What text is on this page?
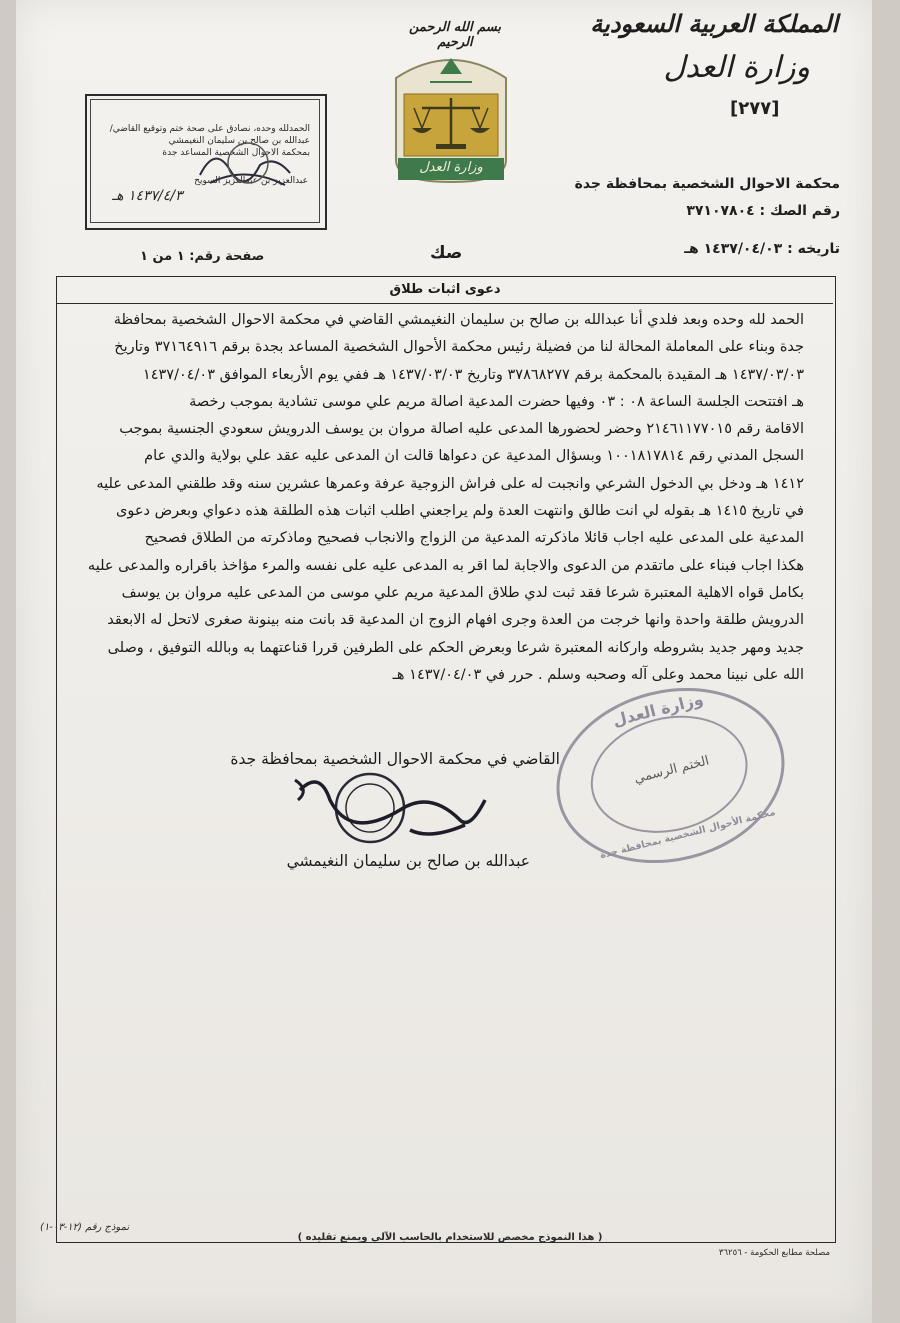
المملكة العربية السعودية
وزارة العدل
[٢٧٧]
بسم الله الرحمن الرحيم
وزارة العدل
الحمدلله وحده، نصادق على صحة ختم وتوقيع القاضي/
عبدالله بن صالح بن سليمان النغيمشي
بمحكمة الاحوال الشخصية المساعد جدة
عبدالعزيز بن عبدالعزيز السويح
١٤٣٧/٤/٣ هـ
محكمة الاحوال الشخصية بمحافظة جدة
رقم الصك : ٣٧١٠٧٨٠٤
تاريخه : ١٤٣٧/٠٤/٠٣ هـ
صك
صفحة رقم: ١ من ١
دعوى اثبات طلاق

الحمد لله وحده وبعد فلدي أنا عبدالله بن صالح بن سليمان النغيمشي القاضي في محكمة الاحوال الشخصية بمحافظة

جدة وبناء على المعاملة المحالة لنا من فضيلة رئيس محكمة الأحوال الشخصية المساعد بجدة برقم ٣٧١٦٤٩١٦ وتاريخ

١٤٣٧/٠٣/٠٣ هـ المقيدة بالمحكمة برقم ٣٧٨٦٨٢٧٧ وتاريخ ١٤٣٧/٠٣/٠٣ هـ ففي يوم الأربعاء الموافق ١٤٣٧/٠٤/٠٣

هـ افتتحت الجلسة الساعة ٠٨ : ٠٣ وفيها حضرت المدعية اصالة مريم علي موسى تشادية بموجب رخصة

الاقامة رقم ٢١٤٦١١٧٧٠١٥ وحضر لحضورها المدعى عليه اصالة مروان بن يوسف الدرويش سعودي الجنسية بموجب

السجل المدني رقم ١٠٠١٨١٧٨١٤ وبسؤال المدعية عن دعواها قالت ان المدعى عليه عقد علي بولاية والدي عام

١٤١٢ هـ ودخل بي الدخول الشرعي وانجبت له على فراش الزوجية عرفة وعمرها عشرين سنه وقد طلقني المدعى عليه

في تاريخ ١٤١٥ هـ بقوله لي انت طالق وانتهت العدة ولم يراجعني اطلب اثبات هذه الطلقة هذه دعواي وبعرض دعوى

المدعية على المدعى عليه اجاب قائلا ماذكرته المدعية من الزواج والانجاب فصحيح وماذكرته من الطلاق فصحيح

هكذا اجاب فبناء على ماتقدم من الدعوى والاجابة لما اقر به المدعى عليه على نفسه والمرء مؤاخذ باقراره والمدعى عليه

بكامل قواه الاهلية المعتبرة شرعا فقد ثبت لدي طلاق المدعية مريم علي موسى من المدعى عليه مروان بن يوسف

الدرويش طلقة واحدة وانها خرجت من العدة وجرى افهام الزوج ان المدعية قد بانت منه بينونة صغرى لاتحل له الابعقد

جديد ومهر جديد بشروطه واركانه المعتبرة شرعا وبعرض الحكم على الطرفين قررا قناعتهما به وبالله التوفيق ، وصلى

الله على نبينا محمد وعلى آله وصحبه وسلم . حرر في ١٤٣٧/٠٤/٠٣ هـ

القاضي في محكمة الاحوال الشخصية بمحافظة جدة
عبدالله بن صالح بن سليمان النغيمشي
وزارة العدل
محكمة الأحوال الشخصية بمحافظة جدة
الختم الرسمي
نموذج رقم (١٢-٠٣-١)
( هذا النموذج مخصص للاستخدام بالحاسب الآلي ويمنع تقليده )
مصلحة مطابع الحكومة - ٣٦٢٥٦
